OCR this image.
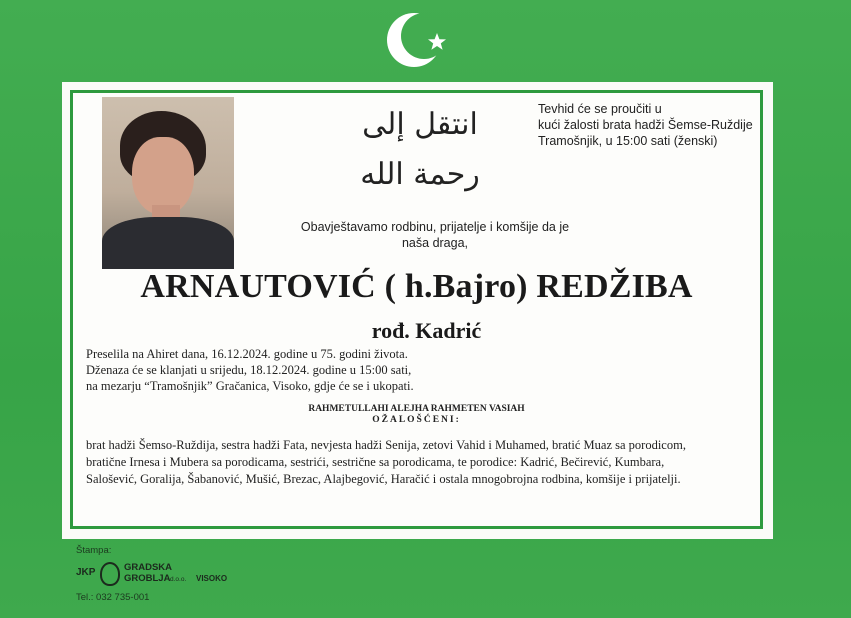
انتقل إلى رحمة الله
Tevhid će se proučiti u
kući žalosti brata hadži Šemse-Ruždije
Tramošnjik, u 15:00 sati (ženski)
Obavještavamo rodbinu, prijatelje i komšije da je
naša draga,
ARNAUTOVIĆ ( h.Bajro) REDŽIBA
rođ. Kadrić
Preselila na Ahiret dana, 16.12.2024. godine u 75. godini života.
Dženaza će se klanjati u srijedu, 18.12.2024. godine u 15:00 sati,
na mezarju “Tramošnjik” Gračanica, Visoko, gdje će se i ukopati.
RAHMETULLAHI ALEJHA RAHMETEN VASIAH
OŽALOŠĆENI:
brat hadži Šemso-Ruždija, sestra hadži Fata, nevjesta hadži Senija, zetovi Vahid i Muhamed, bratić Muaz sa porodicom,
bratične Irnesa i Mubera sa porodicama, sestrići, sestrične sa porodicama, te porodice: Kadrić, Bečirević, Kumbara,
Salošević, Goralija, Šabanović, Mušić, Brezac, Alajbegović, Haračić i ostala mnogobrojna rodbina, komšije i prijatelji.
Štampa:
JKP	GRADSKA
GROBLJA d.o.o. VISOKO
Tel.: 032 735-001
